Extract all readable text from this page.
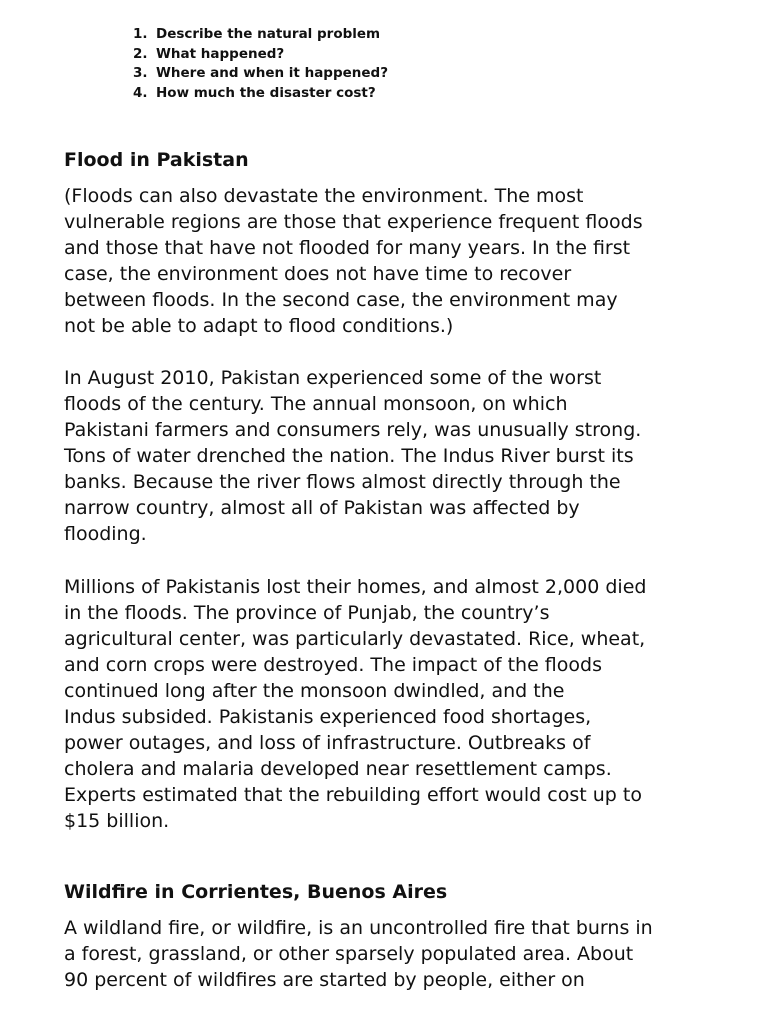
1. Describe the natural problem
2. What happened?
3. Where and when it happened?
4. How much the disaster cost?
Flood in Pakistan

(Floods can also devastate the environment. The most
vulnerable regions are those that experience frequent floods
and those that have not flooded for many years. In the first
case, the environment does not have time to recover
between floods. In the second case, the environment may
not be able to adapt to flood conditions.)

In August 2010, Pakistan experienced some of the worst
floods of the century. The annual monsoon, on which
Pakistani farmers and consumers rely, was unusually strong.
Tons of water drenched the nation. The Indus River burst its
banks. Because the river flows almost directly through the
narrow country, almost all of Pakistan was affected by
flooding.

Millions of Pakistanis lost their homes, and almost 2,000 died
in the floods. The province of Punjab, the country’s
agricultural center, was particularly devastated. Rice, wheat,
and corn crops were destroyed. The impact of the floods
continued long after the monsoon dwindled, and the
Indus subsided. Pakistanis experienced food shortages,
power outages, and loss of infrastructure. Outbreaks of
cholera and malaria developed near resettlement camps.
Experts estimated that the rebuilding effort would cost up to
$15 billion.

Wildfire in Corrientes, Buenos Aires

A wildland fire, or wildfire, is an uncontrolled fire that burns in
a forest, grassland, or other sparsely populated area. About
90 percent of wildfires are started by people, either on
